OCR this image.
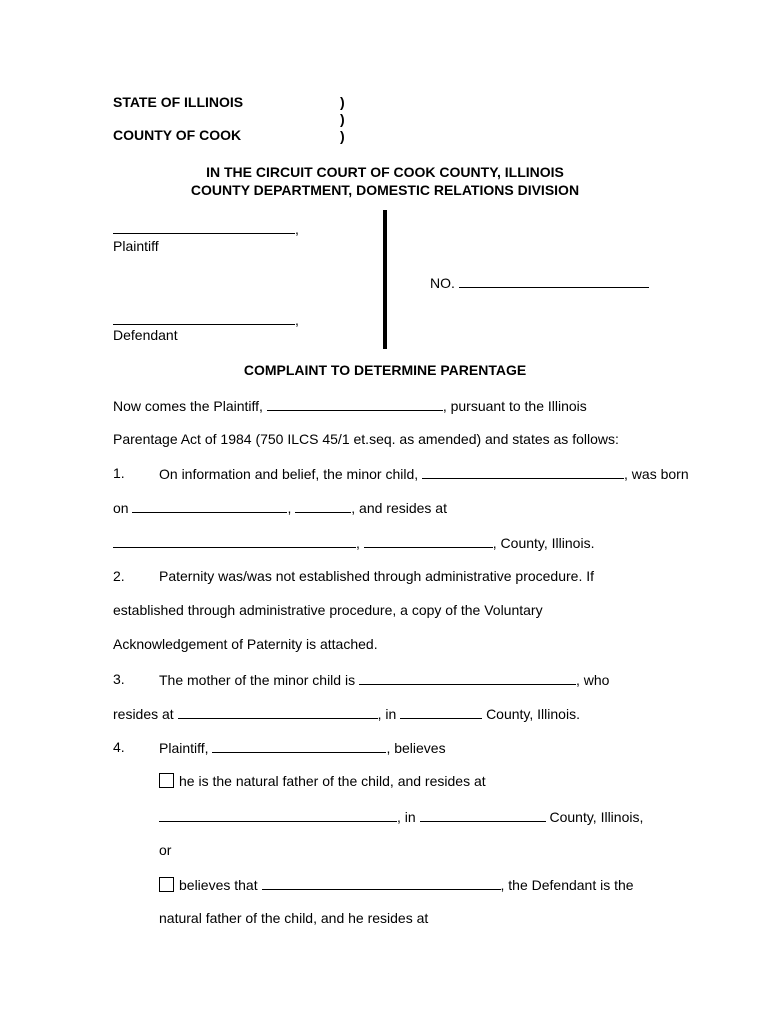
STATE OF ILLINOIS
COUNTY OF COOK
)
)
)
IN THE CIRCUIT COURT OF COOK COUNTY, ILLINOIS
COUNTY DEPARTMENT, DOMESTIC RELATIONS DIVISION
,
Plaintiff
NO.
,
Defendant
COMPLAINT TO DETERMINE PARENTAGE
Now comes the Plaintiff,	, pursuant to the Illinois
Parentage Act of 1984 (750 ILCS 45/1 et.seq. as amended) and states as follows:
1. On information and belief, the minor child,	, was born
on	,	, and resides at
,	, County, Illinois.
2. Paternity was/was not established through administrative procedure. If
established through administrative procedure, a copy of the Voluntary
Acknowledgement of Paternity is attached.
3. The mother of the minor child is	, who
resides at	, in	County, Illinois.
4. Plaintiff,	, believes
he is the natural father of the child, and resides at
, in	County, Illinois,
or
believes that	, the Defendant is the
natural father of the child, and he resides at
